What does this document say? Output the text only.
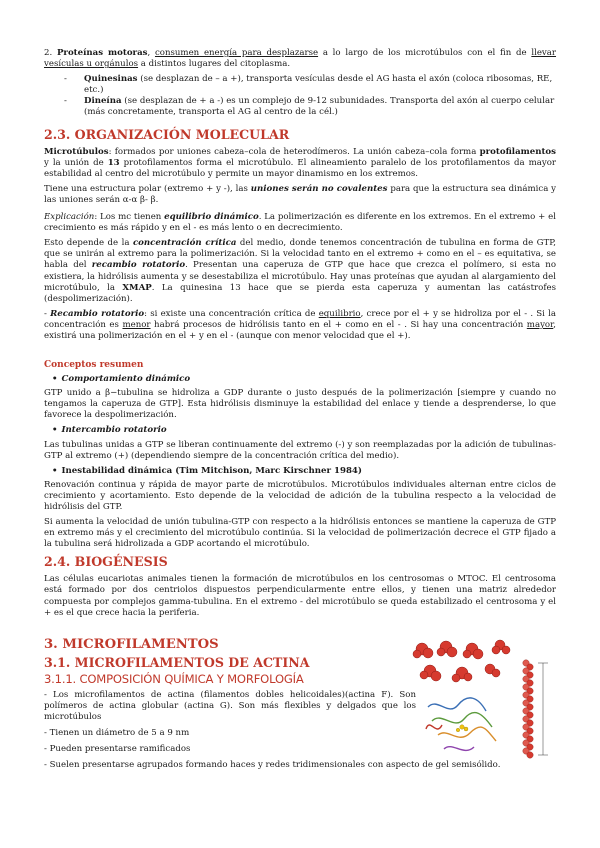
2. Proteínas motoras, consumen energía para desplazarse a lo largo de los microtúbulos con el fin de llevar vesículas u orgánulos a distintos lugares del citoplasma.

-	Quinesinas (se desplazan de – a +), transporta vesículas desde el AG hasta el axón (coloca ribosomas, RE, etc.)
-	Dineína (se desplazan de + a -) es un complejo de 9-12 subunidades. Transporta del axón al cuerpo celular (más concretamente, transporta el AG al centro de la cél.)
2.3. ORGANIZACIÓN MOLECULAR

Microtúbulos: formados por uniones cabeza–cola de heterodímeros. La unión cabeza–cola forma protofilamentos y la unión de 13 protofilamentos forma el microtúbulo. El alineamiento paralelo de los protofilamentos da mayor estabilidad al centro del microtúbulo y permite un mayor dinamismo en los extremos.

Tiene una estructura polar (extremo + y -), las uniones serán no covalentes para que la estructura sea dinámica y las uniones serán α-α β- β.

Explicación: Los mc tienen equilibrio dinámico. La polimerización es diferente en los extremos. En el extremo + el crecimiento es más rápido y en el - es más lento o en decrecimiento.

Esto depende de la concentración crítica del medio, donde tenemos concentración de tubulina en forma de GTP, que se unirán al extremo para la polimerización. Si la velocidad tanto en el extremo + como en el – es equitativa, se habla del recambio rotatorio. Presentan una caperuza de GTP que hace que crezca el polímero, si esta no existiera, la hidrólisis aumenta y se desestabiliza el microtúbulo. Hay unas proteínas que ayudan al alargamiento del microtúbulo, la XMAP. La quinesina 13 hace que se pierda esta caperuza y aumentan las catástrofes (despolimerización).

- Recambio rotatorio: si existe una concentración crítica de equilibrio, crece por el + y se hidroliza por el - . Si la concentración es menor habrá procesos de hidrólisis tanto en el + como en el - . Si hay una concentración mayor, existirá una polimerización en el + y en el - (aunque con menor velocidad que el +).

Conceptos resumen
• Comportamiento dinámico

GTP unido a β−tubulina se hidroliza a GDP durante o justo después de la polimerización [siempre y cuando no tengamos la caperuza de GTP]. Esta hidrólisis disminuye la estabilidad del enlace y tiende a desprenderse, lo que favorece la despolimerización.

• Intercambio rotatorio

Las tubulinas unidas a GTP se liberan continuamente del extremo (-) y son reemplazadas por la adición de tubulinas-GTP al extremo (+) (dependiendo siempre de la concentración crítica del medio).

• Inestabilidad dinámica (Tim Mitchison, Marc Kirschner 1984)

Renovación continua y rápida de mayor parte de microtúbulos. Microtúbulos individuales alternan entre ciclos de crecimiento y acortamiento. Esto depende de la velocidad de adición de la tubulina respecto a la velocidad de hidrólisis del GTP.

Si aumenta la velocidad de unión tubulina-GTP con respecto a la hidrólisis entonces se mantiene la caperuza de GTP en extremo más y el crecimiento del microtúbulo continúa. Si la velocidad de polimerización decrece el GTP fijado a la tubulina será hidrolizada a GDP acortando el microtúbulo.

2.4. BIOGÉNESIS

Las células eucariotas animales tienen la formación de microtúbulos en los centrosomas o MTOC. El centrosoma está formado por dos centriolos dispuestos perpendicularmente entre ellos, y tienen una matriz alrededor compuesta por complejos gamma-tubulina. En el extremo - del microtúbulo se queda estabilizado el centrosoma y el + es el que crece hacia la periferia.

3. MICROFILAMENTOS
3.1. MICROFILAMENTOS DE ACTINA
3.1.1. COMPOSICIÓN QUÍMICA Y MORFOLOGÍA

- Los microfilamentos de actina (filamentos dobles helicoidales)(actina F). Son polímeros de actina globular (actina G). Son más flexibles y delgados que los microtúbulos

- Tienen un diámetro de 5 a 9 nm

- Pueden presentarse ramificados

- Suelen presentarse agrupados formando haces y redes tridimensionales con aspecto de gel semisólido.
